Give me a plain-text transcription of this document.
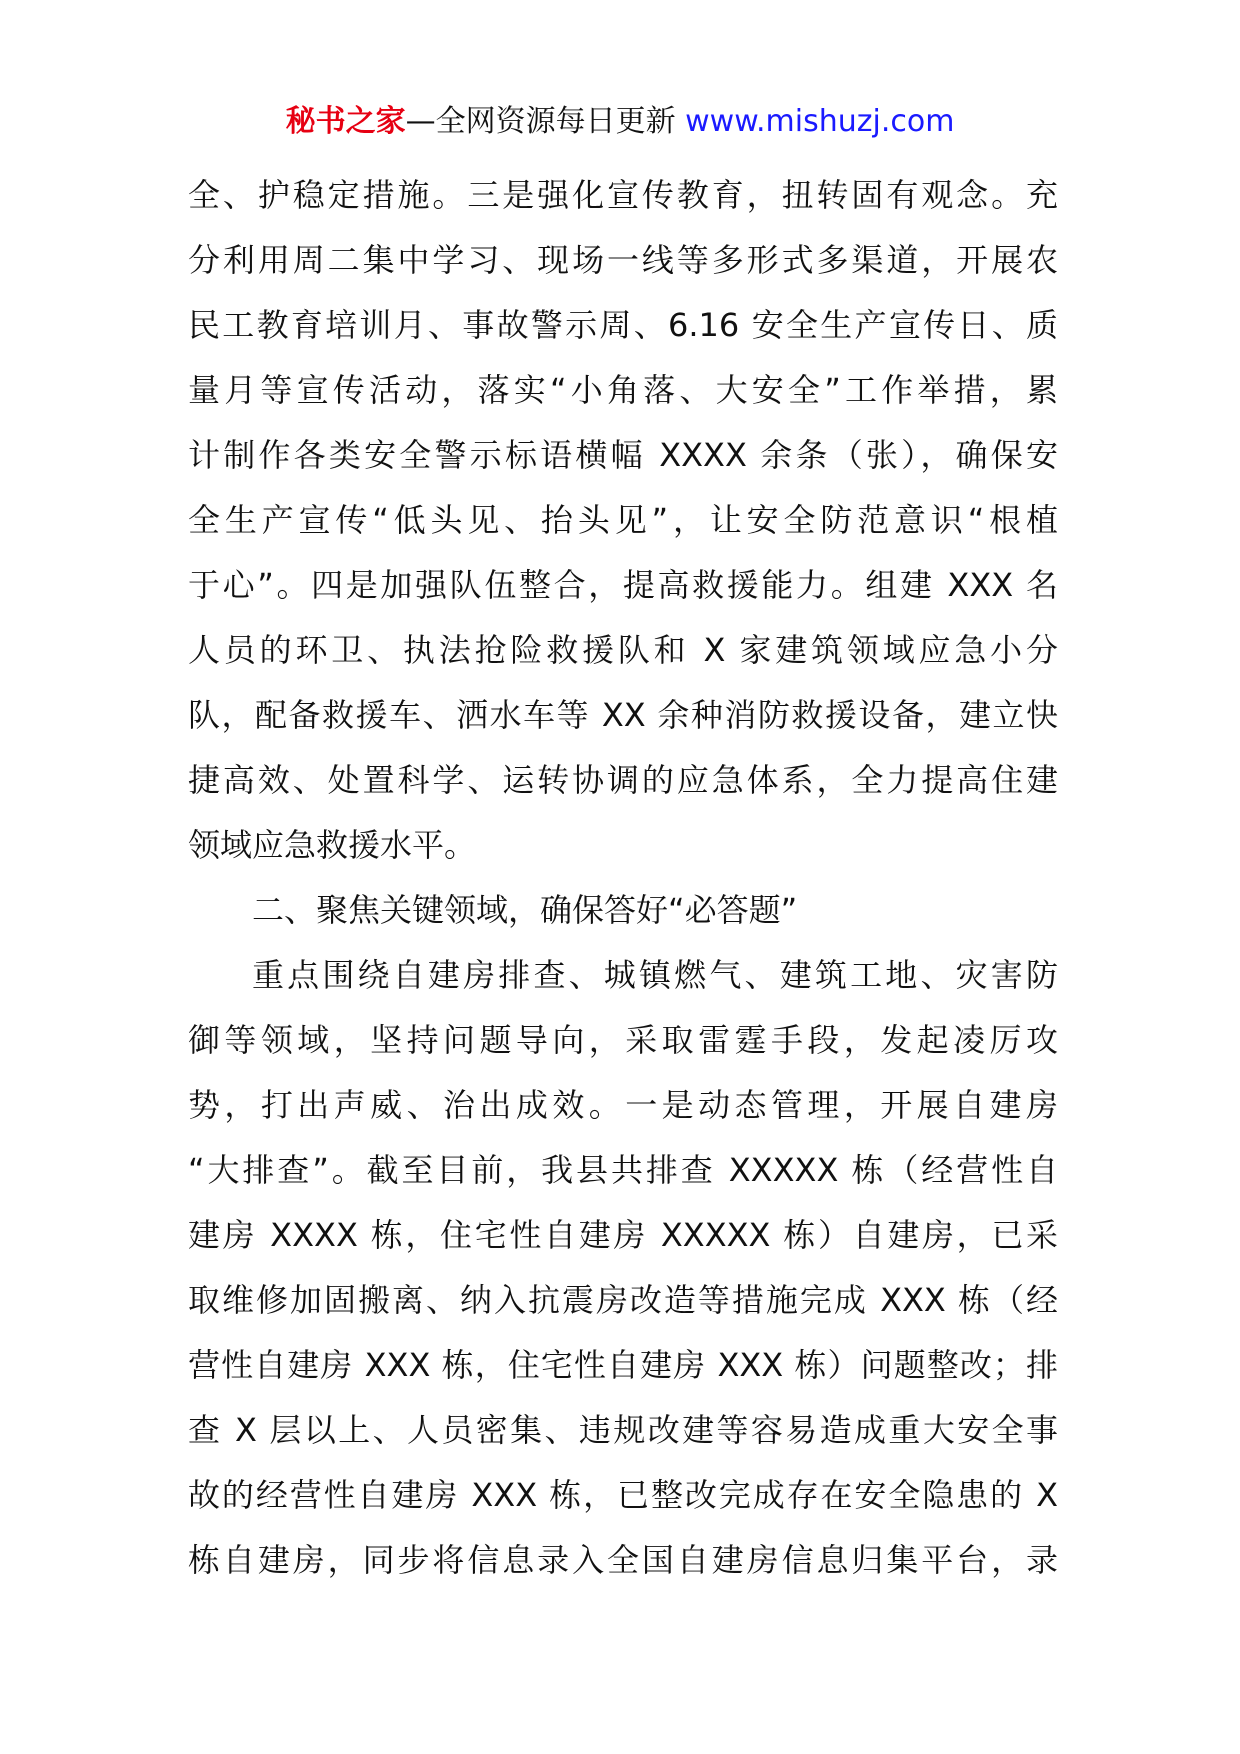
秘书之家—全网资源每日更新 www.mishuzj.com
全、护稳定措施。三是强化宣传教育，扭转固有观念。充
分利用周二集中学习、现场一线等多形式多渠道，开展农
民工教育培训月、事故警示周、6.16 安全生产宣传日、质
量月等宣传活动，落实“小角落、大安全”工作举措，累
计制作各类安全警示标语横幅 XXXX 余条（张），确保安
全生产宣传“低头见、抬头见”，让安全防范意识“根植
于心”。四是加强队伍整合，提高救援能力。组建 XXX 名
人员的环卫、执法抢险救援队和 X 家建筑领域应急小分
队，配备救援车、洒水车等 XX 余种消防救援设备，建立快
捷高效、处置科学、运转协调的应急体系，全力提高住建
领域应急救援水平。
二、聚焦关键领域，确保答好“必答题”
重点围绕自建房排查、城镇燃气、建筑工地、灾害防
御等领域，坚持问题导向，采取雷霆手段，发起凌厉攻
势，打出声威、治出成效。一是动态管理，开展自建房
“大排查”。截至目前，我县共排查 XXXXX 栋（经营性自
建房 XXXX 栋，住宅性自建房 XXXXX 栋）自建房，已采
取维修加固搬离、纳入抗震房改造等措施完成 XXX 栋（经
营性自建房 XXX 栋，住宅性自建房 XXX 栋）问题整改；排
查 X 层以上、人员密集、违规改建等容易造成重大安全事
故的经营性自建房 XXX 栋，已整改完成存在安全隐患的 X
栋自建房，同步将信息录入全国自建房信息归集平台，录
